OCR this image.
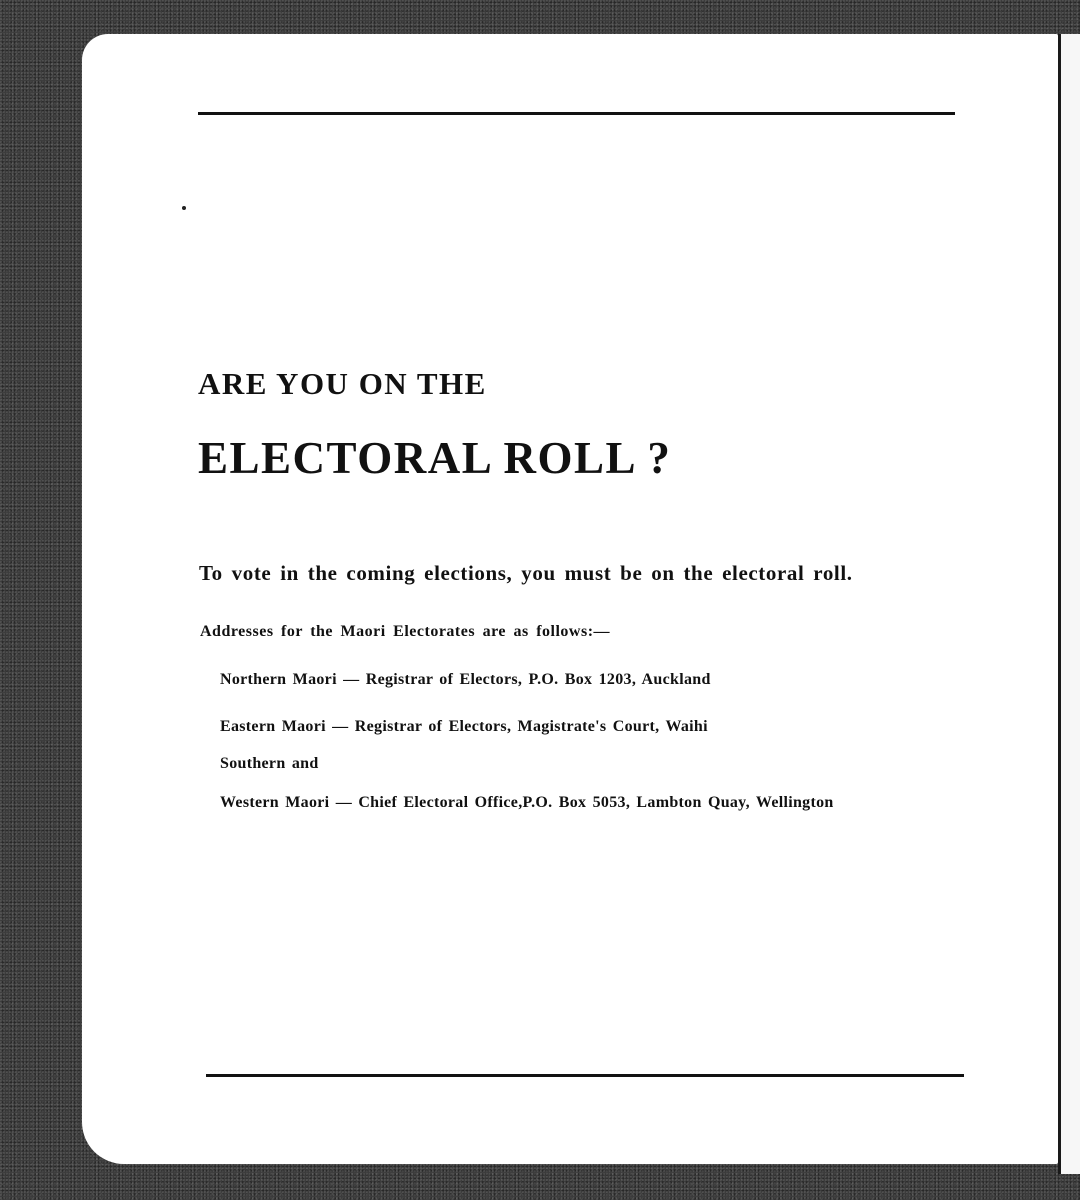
ARE YOU ON THE
ELECTORAL ROLL ?

To vote in the coming elections, you must be on the electoral roll.

Addresses for the Maori Electorates are as follows:—

Northern Maori — Registrar of Electors, P.O. Box 1203, Auckland

Eastern Maori — Registrar of Electors, Magistrate's Court, Waihi

Southern and

Western Maori — Chief Electoral Office,P.O. Box 5053, Lambton Quay, Wellington
